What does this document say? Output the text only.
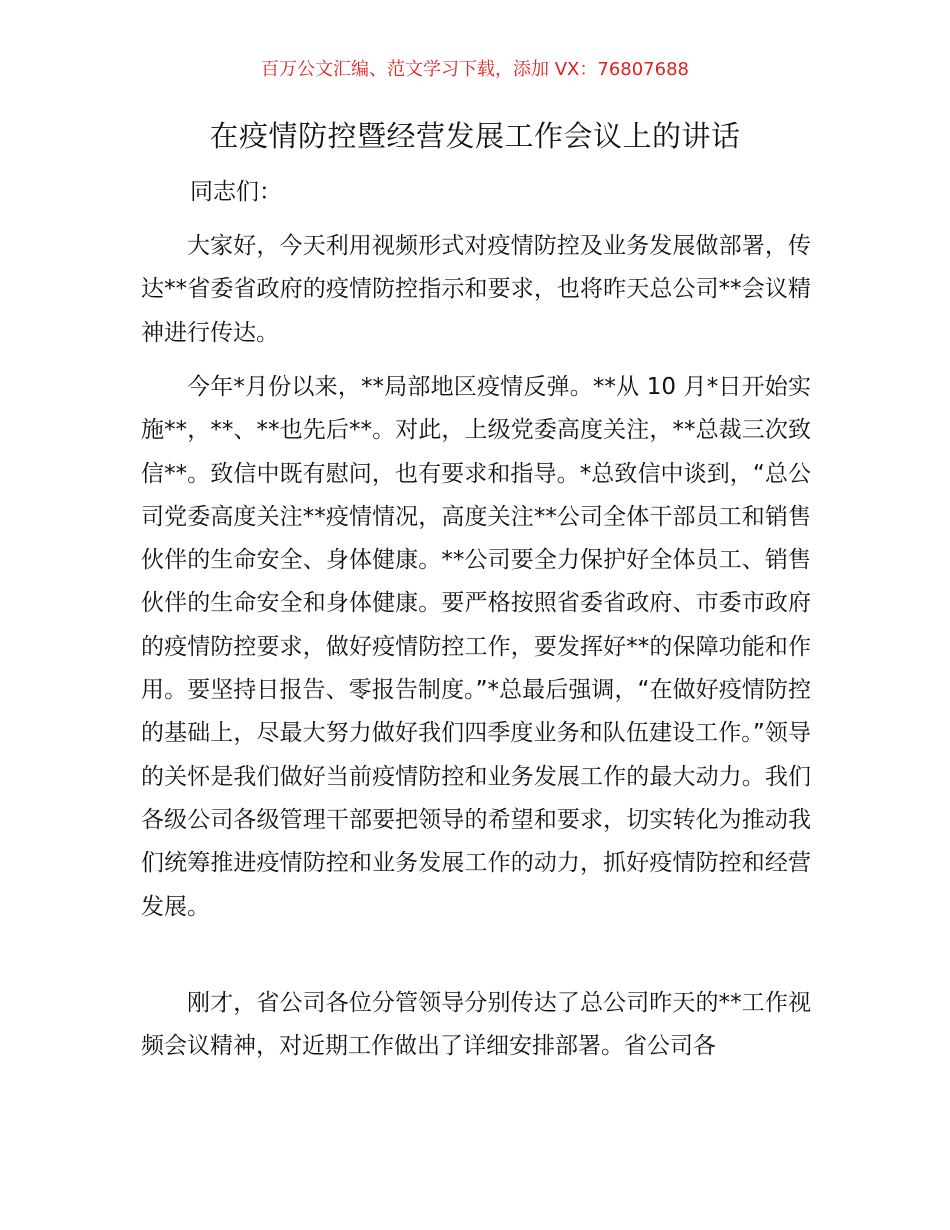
百万公文汇编、范文学习下载，添加 VX：76807688
在疫情防控暨经营发展工作会议上的讲话
同志们：

大家好，今天利用视频形式对疫情防控及业务发展做部署，传达**省委省政府的疫情防控指示和要求，也将昨天总公司**会议精神进行传达。

今年*月份以来，**局部地区疫情反弹。**从 10 月*日开始实施**，**、**也先后**。对此，上级党委高度关注，**总裁三次致信**。致信中既有慰问，也有要求和指导。*总致信中谈到，“总公司党委高度关注**疫情情况，高度关注**公司全体干部员工和销售伙伴的生命安全、身体健康。**公司要全力保护好全体员工、销售伙伴的生命安全和身体健康。要严格按照省委省政府、市委市政府的疫情防控要求，做好疫情防控工作，要发挥好**的保障功能和作用。要坚持日报告、零报告制度。”*总最后强调，“在做好疫情防控的基础上，尽最大努力做好我们四季度业务和队伍建设工作。”领导的关怀是我们做好当前疫情防控和业务发展工作的最大动力。我们各级公司各级管理干部要把领导的希望和要求，切实转化为推动我们统筹推进疫情防控和业务发展工作的动力，抓好疫情防控和经营发展。

刚才，省公司各位分管领导分别传达了总公司昨天的**工作视频会议精神，对近期工作做出了详细安排部署。省公司各
